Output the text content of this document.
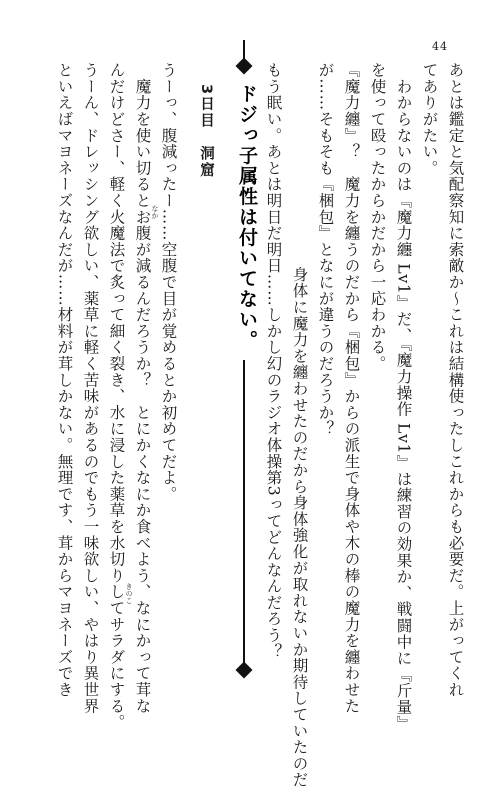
44
あとは鑑定と気配察知に索敵か〜これは結構使ったしこれからも必要だ。上がってくれ
てありがたい。
　わからないのは『魔力纏 Lv1』だ、『魔力操作 Lv1』は練習の効果か、戦闘中に『斤量』
を使って殴ったからかだから一応わかる。
『魔力纏』？　魔力を纏うのだから『梱包』からの派生で身体や木の棒の魔力を纏わせた
が……そもそも『梱包』となにが違うのだろうか？
　身体に魔力を纏わせたのだから身体強化が取れないか期待していたのだ
もう眠い。あとは明日だ明日……しかし幻のラジオ体操第3ってどんなんだろう？
ドジっ子属性は付いてない。
3日目　洞窟
うーっ、腹減ったー……空腹で目が覚めるとか初めてだよ。
　魔力を使い切るとお腹が減るんだろうか？　とにかくなにか食べよう、なにかって茸な
んだけどさー、軽く火魔法で炙って細く裂き、水に浸した薬草を水切りしてサラダにする。
うーん、ドレッシング欲しい、薬草に軽く苦味があるのでもう一味欲しい、やはり異世界
といえばマヨネーズなんだが……材料が茸しかない。無理です、茸からマヨネーズでき	なか
きのこ
